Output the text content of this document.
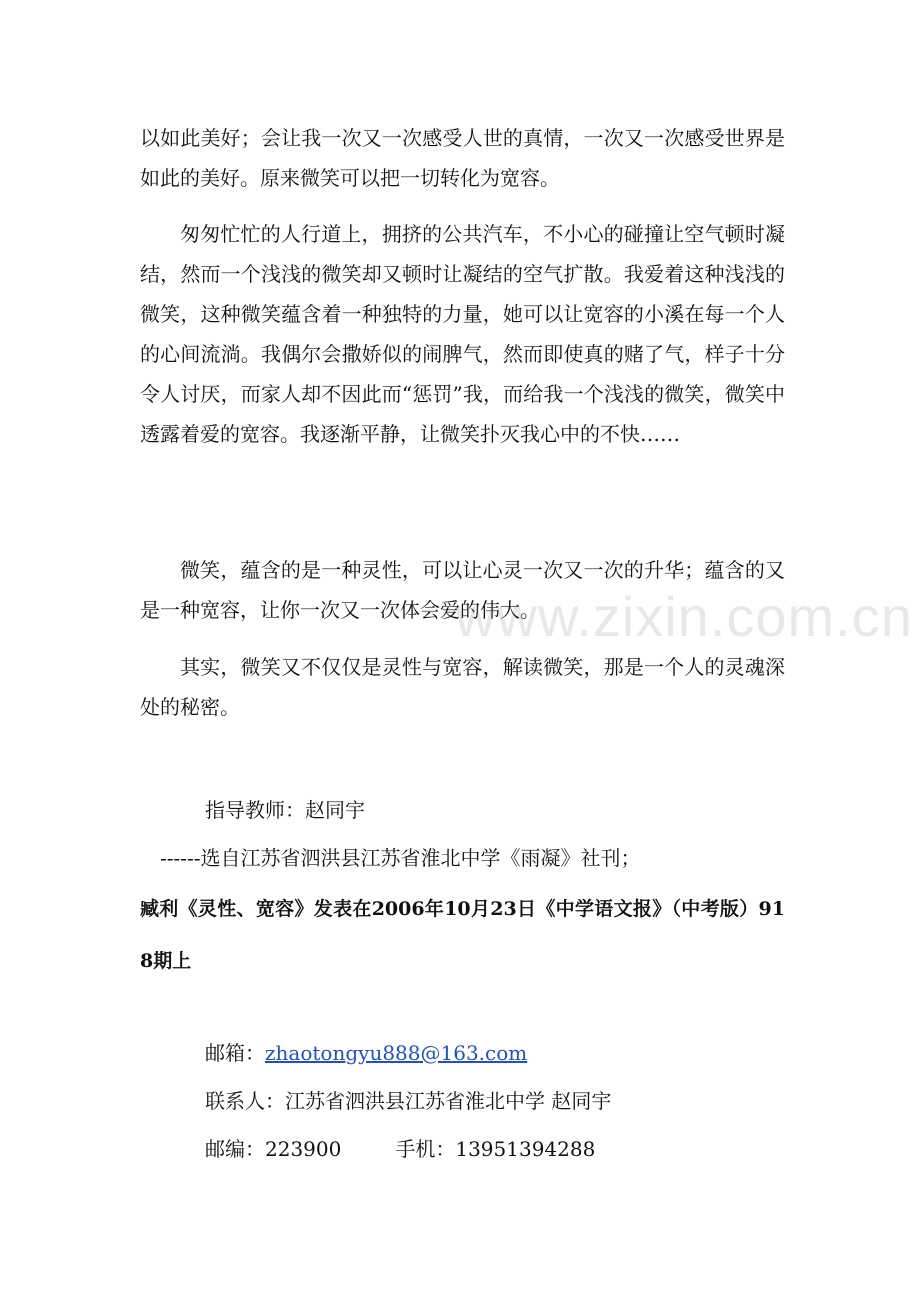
以如此美好；会让我一次又一次感受人世的真情，一次又一次感受世界是如此的美好。原来微笑可以把一切转化为宽容。

匆匆忙忙的人行道上，拥挤的公共汽车，不小心的碰撞让空气顿时凝结，然而一个浅浅的微笑却又顿时让凝结的空气扩散。我爱着这种浅浅的微笑，这种微笑蕴含着一种独特的力量，她可以让宽容的小溪在每一个人的心间流淌。我偶尔会撒娇似的闹脾气，然而即使真的赌了气，样子十分令人讨厌，而家人却不因此而“惩罚”我，而给我一个浅浅的微笑，微笑中透露着爱的宽容。我逐渐平静，让微笑扑灭我心中的不快……

微笑，蕴含的是一种灵性，可以让心灵一次又一次的升华；蕴含的又是一种宽容，让你一次又一次体会爱的伟大。

其实，微笑又不仅仅是灵性与宽容，解读微笑，那是一个人的灵魂深处的秘密。

指导教师：赵同宇

------选自江苏省泗洪县江苏省淮北中学《雨凝》社刊；

臧利《灵性、宽容》发表在2006年10月23日《中学语文报》（中考版）918期上

邮箱：zhaotongyu888@163.com

联系人：江苏省泗洪县江苏省淮北中学 赵同宇

邮编：223900	手机：13951394288

www.zixin.com.cn
